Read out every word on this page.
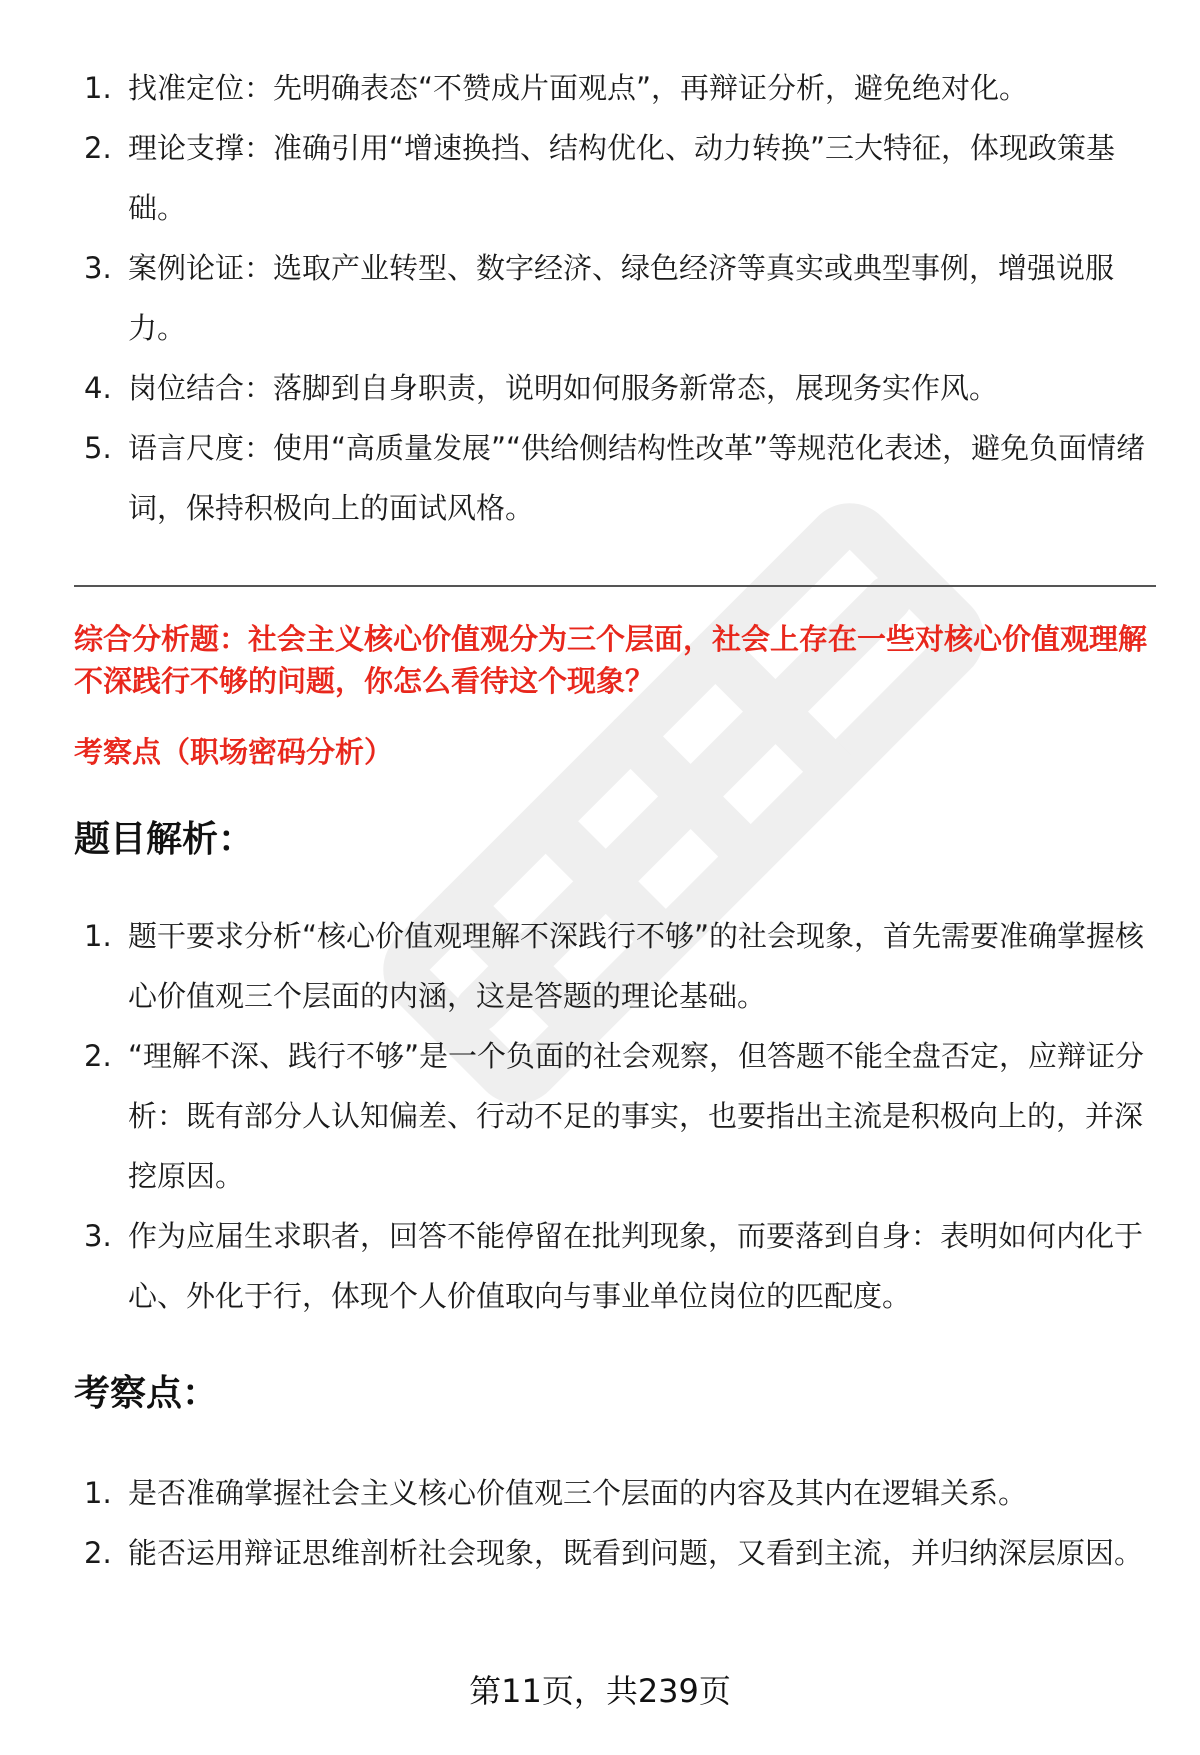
1. 找准定位：先明确表态“不赞成片面观点”，再辩证分析，避免绝对化。
2. 理论支撑：准确引用“增速换挡、结构优化、动力转换”三大特征，体现政策基础。
3. 案例论证：选取产业转型、数字经济、绿色经济等真实或典型事例，增强说服力。
4. 岗位结合：落脚到自身职责，说明如何服务新常态，展现务实作风。
5. 语言尺度：使用“高质量发展”“供给侧结构性改革”等规范化表述，避免负面情绪词，保持积极向上的面试风格。
综合分析题：社会主义核心价值观分为三个层面，社会上存在一些对核心价值观理解不深践行不够的问题，你怎么看待这个现象？
考察点（职场密码分析）
题目解析：
1. 题干要求分析“核心价值观理解不深践行不够”的社会现象，首先需要准确掌握核心价值观三个层面的内涵，这是答题的理论基础。
2. “理解不深、践行不够”是一个负面的社会观察，但答题不能全盘否定，应辩证分析：既有部分人认知偏差、行动不足的事实，也要指出主流是积极向上的，并深挖原因。
3. 作为应届生求职者，回答不能停留在批判现象，而要落到自身：表明如何内化于心、外化于行，体现个人价值取向与事业单位岗位的匹配度。
考察点：
1. 是否准确掌握社会主义核心价值观三个层面的内容及其内在逻辑关系。
2. 能否运用辩证思维剖析社会现象，既看到问题，又看到主流，并归纳深层原因。
第11页，共239页
